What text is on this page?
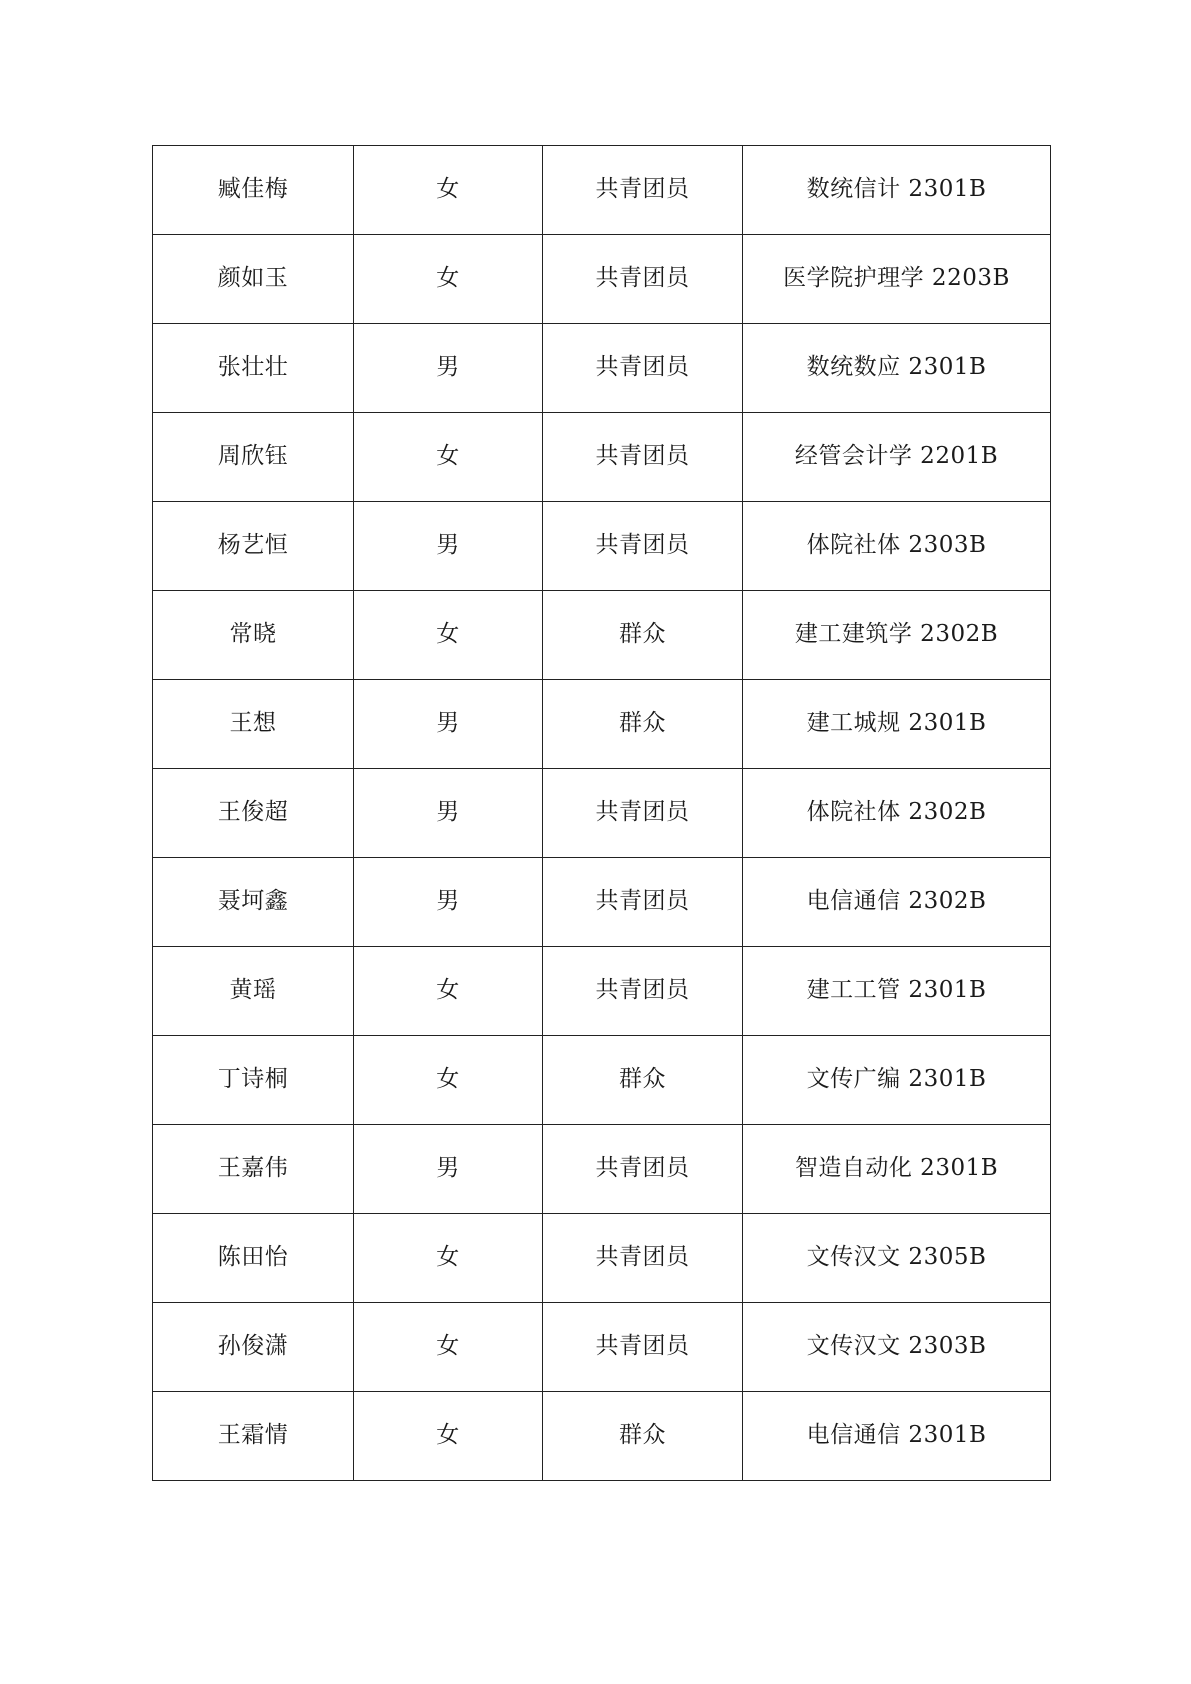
臧佳梅	女	共青团员	数统信计 2301B
颜如玉	女	共青团员	医学院护理学 2203B
张壮壮	男	共青团员	数统数应 2301B
周欣钰	女	共青团员	经管会计学 2201B
杨艺恒	男	共青团员	体院社体 2303B
常晓	女	群众	建工建筑学 2302B
王想	男	群众	建工城规 2301B
王俊超	男	共青团员	体院社体 2302B
聂坷鑫	男	共青团员	电信通信 2302B
黄瑶	女	共青团员	建工工管 2301B
丁诗桐	女	群众	文传广编 2301B
王嘉伟	男	共青团员	智造自动化 2301B
陈田怡	女	共青团员	文传汉文 2305B
孙俊潇	女	共青团员	文传汉文 2303B
王霜情	女	群众	电信通信 2301B
